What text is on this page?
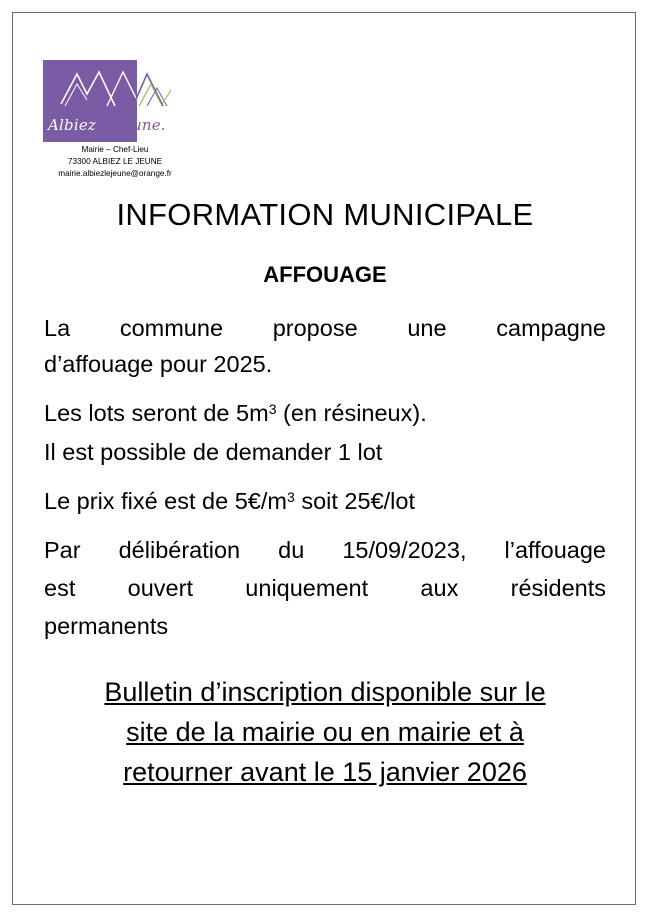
Albiez le jeune.
Mairie – Chef-Lieu
73300 ALBIEZ LE JEUNE
mairie.albiezlejeune@orange.fr
INFORMATION MUNICIPALE
AFFOUAGE
La commune propose une campagne
d’affouage pour 2025.
Les lots seront de $5m^3$ (en résineux).
Il est possible de demander 1 lot
Le prix fixé est de $5€/m^3$ soit 25€/lot
Par délibération du 15/09/2023, l’affouage
est ouvert uniquement aux résidents
permanents
Bulletin d’inscription disponible sur le
site de la mairie ou en mairie et à
retourner avant le 15 janvier 2026
